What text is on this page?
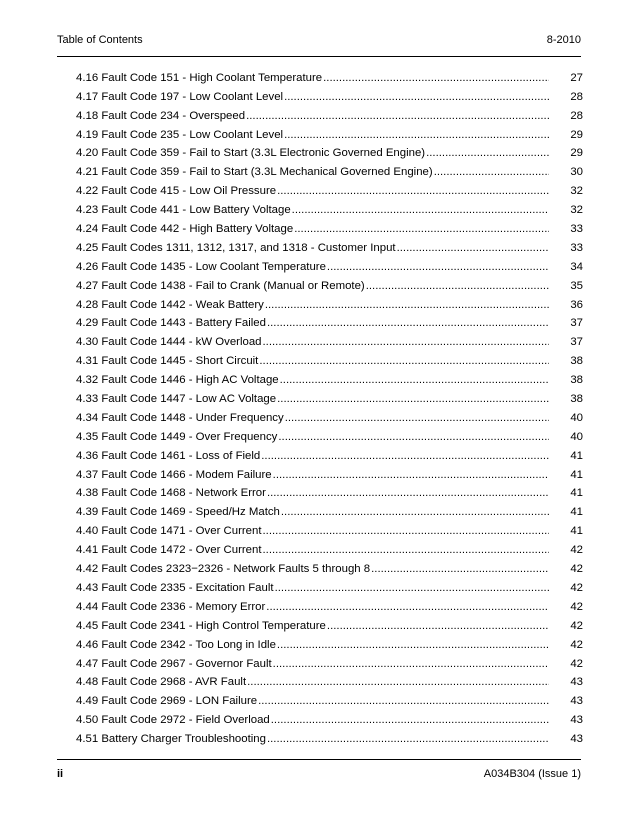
Table of Contents	8-2010
4.16 Fault Code 151 - High Coolant Temperature .....	27
4.17 Fault Code 197 - Low Coolant Level .....	28
4.18 Fault Code 234 - Overspeed .....	28
4.19 Fault Code 235 - Low Coolant Level .....	29
4.20 Fault Code 359 - Fail to Start (3.3L Electronic Governed Engine) .....	29
4.21 Fault Code 359 - Fail to Start (3.3L Mechanical Governed Engine) .....	30
4.22 Fault Code 415 - Low Oil Pressure .....	32
4.23 Fault Code 441 - Low Battery Voltage .....	32
4.24 Fault Code 442 - High Battery Voltage .....	33
4.25 Fault Codes 1311, 1312, 1317, and 1318 - Customer Input .....	33
4.26 Fault Code 1435 - Low Coolant Temperature .....	34
4.27 Fault Code 1438 - Fail to Crank (Manual or Remote) .....	35
4.28 Fault Code 1442 - Weak Battery .....	36
4.29 Fault Code 1443 - Battery Failed .....	37
4.30 Fault Code 1444 - kW Overload .....	37
4.31 Fault Code 1445 - Short Circuit .....	38
4.32 Fault Code 1446 - High AC Voltage .....	38
4.33 Fault Code 1447 - Low AC Voltage .....	38
4.34 Fault Code 1448 - Under Frequency .....	40
4.35 Fault Code 1449 - Over Frequency .....	40
4.36 Fault Code 1461 - Loss of Field .....	41
4.37 Fault Code 1466 - Modem Failure .....	41
4.38 Fault Code 1468 - Network Error .....	41
4.39 Fault Code 1469 - Speed/Hz Match .....	41
4.40 Fault Code 1471 - Over Current .....	41
4.41 Fault Code 1472 - Over Current .....	42
4.42 Fault Codes 2323−2326 - Network Faults 5 through 8 .....	42
4.43 Fault Code 2335 - Excitation Fault .....	42
4.44 Fault Code 2336 - Memory Error .....	42
4.45 Fault Code 2341 - High Control Temperature .....	42
4.46 Fault Code 2342 - Too Long in Idle .....	42
4.47 Fault Code 2967 - Governor Fault .....	42
4.48 Fault Code 2968 - AVR Fault .....	43
4.49 Fault Code 2969 - LON Failure .....	43
4.50 Fault Code 2972 - Field Overload .....	43
4.51 Battery Charger Troubleshooting .....	43
ii	A034B304 (Issue 1)
